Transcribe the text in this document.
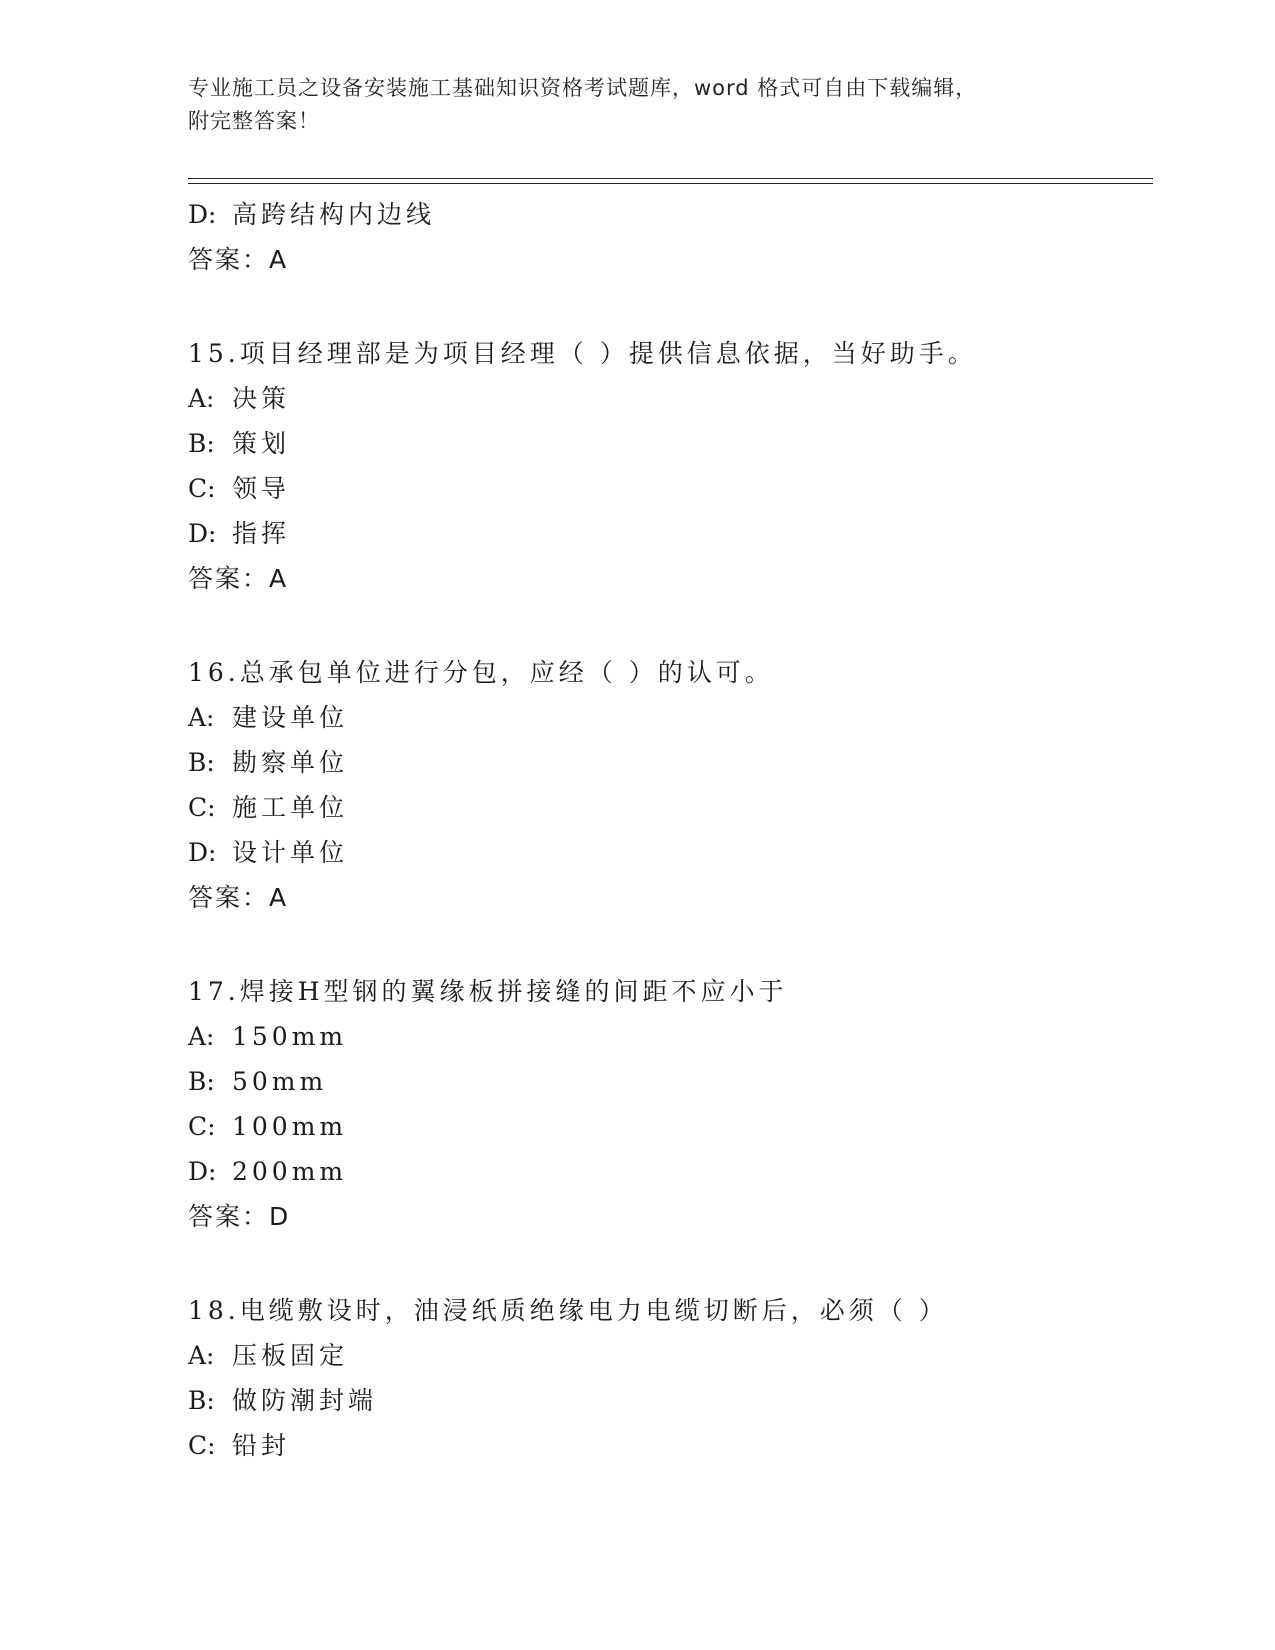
专业施工员之设备安装施工基础知识资格考试题库，word 格式可自由下载编辑，
附完整答案！
D: 高跨结构内边线
答案：A
15.项目经理部是为项目经理（ ）提供信息依据，当好助手。
A: 决策
B: 策划
C: 领导
D: 指挥
答案：A
16.总承包单位进行分包，应经（ ）的认可。
A: 建设单位
B: 勘察单位
C: 施工单位
D: 设计单位
答案：A
17.焊接H型钢的翼缘板拼接缝的间距不应小于
A: 150mm
B: 50mm
C: 100mm
D: 200mm
答案：D
18.电缆敷设时，油浸纸质绝缘电力电缆切断后，必须（ ）
A: 压板固定
B: 做防潮封端
C: 铅封
